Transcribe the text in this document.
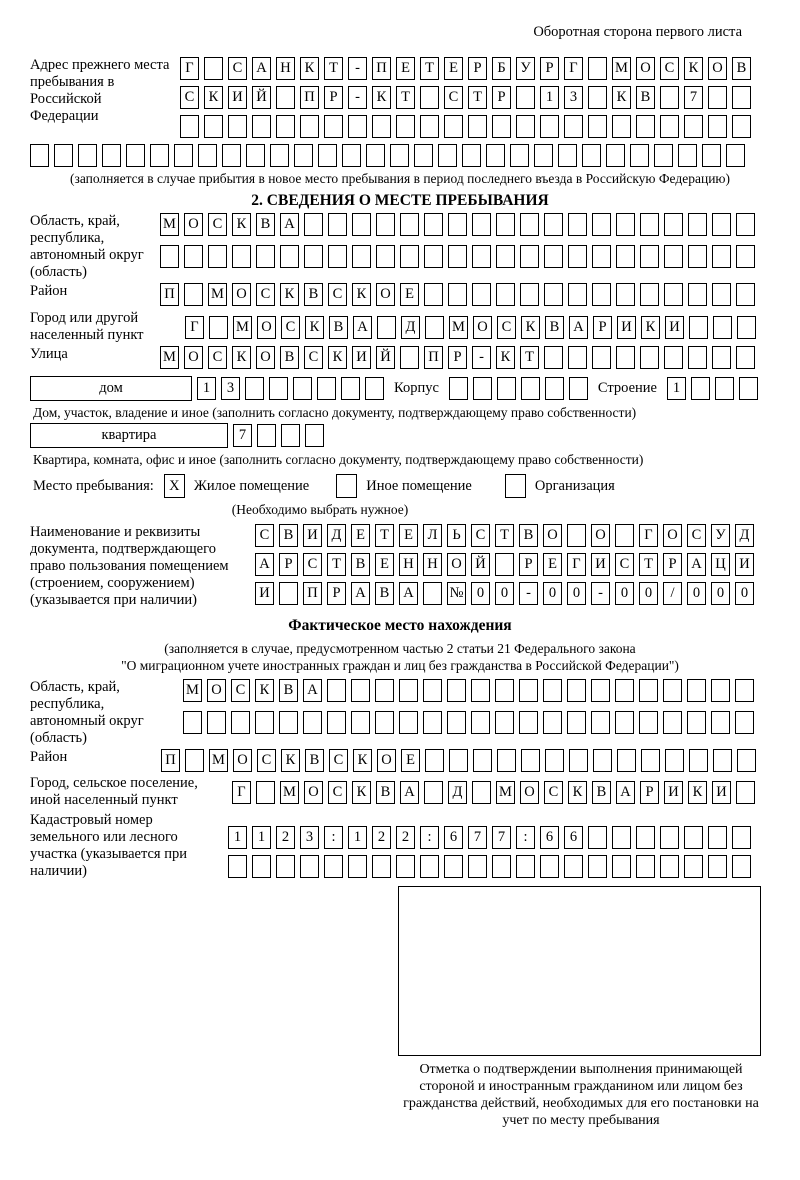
Оборотная сторона первого листа
Адрес прежнего места пребывания в Российской Федерации
Г	С А Н К	Т	-	П Е	Т	Е	Р	Б	У	Р	Г	М О С К О В
С К И Й	П	Р	-	К	Т	С	Т	Р	1	3	К В	7
(заполняется в случае прибытия в новое место пребывания в период последнего въезда в Российскую Федерацию)
2. СВЕДЕНИЯ О МЕСТЕ ПРЕБЫВАНИЯ
Область, край, республика, автономный округ (область)
М О С К В А
Район	П	М О С К В С К О Е
Город или другой населенный пункт
Г	М О С К В А	Д	М О С К В А	Р	И К И
Улица	М О С К О В С К И Й	П	Р	-	К	Т
дом	1	3	Корпус	Строение	1
Дом, участок, владение и иное (заполнить согласно документу, подтверждающему право собственности)
квартира	7
Квартира, комната, офис и иное (заполнить согласно документу, подтверждающему право собственности)
Место пребывания:	X Жилое помещение	Иное помещение	Организация
(Необходимо выбрать нужное)
Наименование и реквизиты документа, подтверждающего право пользования помещением (строением, сооружением) (указывается при наличии)
С В И Д	Е	Т	Е	Л	Ь	С	Т	В О	О	Г	О С У Д
А	Р	С	Т	В	Е Н Н О Й	Р	Е	Г	И С	Т	Р	А Ц И
И	П	Р	А В А № 0	0	-	0	0	-	0	0	/	0	0	0
Фактическое место нахождения
(заполняется в случае, предусмотренном частью 2 статьи 21 Федерального закона
"О миграционном учете иностранных граждан и лиц без гражданства в Российской Федерации")
Область, край, республика, автономный округ (область)
М О С К В А
Район	П	М О С К В С К О Е
Город, сельское поселение, иной населенный пункт
Г	М О С К В А	Д	М О С К В А	Р	И К И
Кадастровый номер земельного или лесного участка (указывается при наличии)
1	1	2	3	:	1	2	2	:	6	7	7	:	6	6
Отметка о подтверждении выполнения принимающей стороной и иностранным гражданином или лицом без гражданства действий, необходимых для его постановки на учет по месту пребывания
